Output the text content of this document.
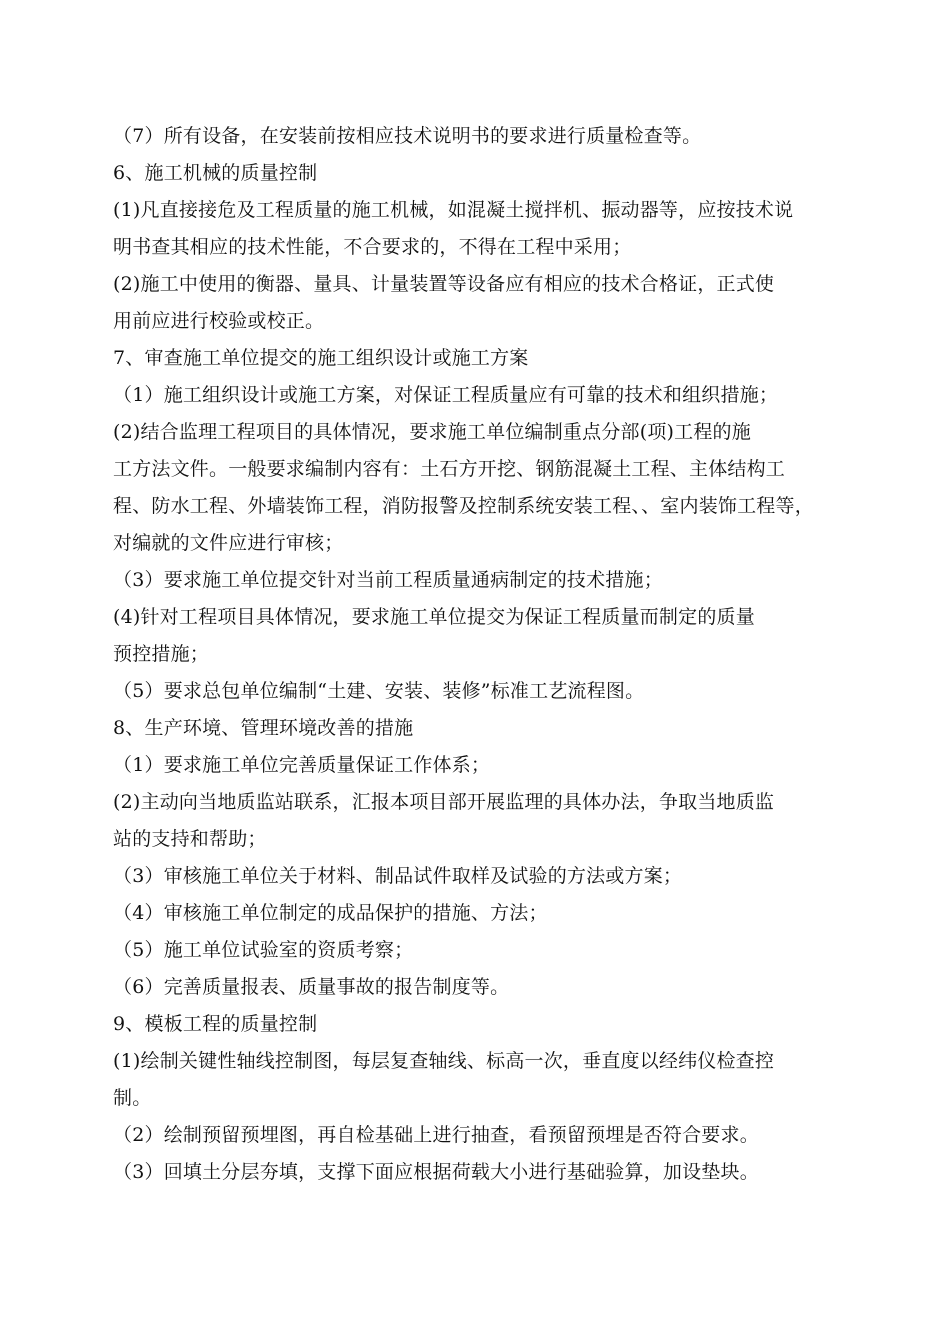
（7）所有设备，在安装前按相应技术说明书的要求进行质量检查等。
6、施工机械的质量控制
(1)凡直接接危及工程质量的施工机械，如混凝土搅拌机、振动器等，应按技术说
明书查其相应的技术性能，不合要求的，不得在工程中采用；
(2)施工中使用的衡器、量具、计量装置等设备应有相应的技术合格证，正式使
用前应进行校验或校正。
7、审查施工单位提交的施工组织设计或施工方案
（1）施工组织设计或施工方案，对保证工程质量应有可靠的技术和组织措施；
(2)结合监理工程项目的具体情况，要求施工单位编制重点分部(项)工程的施
工方法文件。一般要求编制内容有：土石方开挖、钢筋混凝土工程、主体结构工
程、防水工程、外墙装饰工程，消防报警及控制系统安装工程、、室内装饰工程等，
对编就的文件应进行审核；
（3）要求施工单位提交针对当前工程质量通病制定的技术措施；
(4)针对工程项目具体情况，要求施工单位提交为保证工程质量而制定的质量
预控措施；
（5）要求总包单位编制“土建、安装、装修”标准工艺流程图。
8、生产环境、管理环境改善的措施
（1）要求施工单位完善质量保证工作体系；
(2)主动向当地质监站联系，汇报本项目部开展监理的具体办法，争取当地质监
站的支持和帮助；
（3）审核施工单位关于材料、制品试件取样及试验的方法或方案；
（4）审核施工单位制定的成品保护的措施、方法；
（5）施工单位试验室的资质考察；
（6）完善质量报表、质量事故的报告制度等。
9、模板工程的质量控制
(1)绘制关键性轴线控制图，每层复查轴线、标高一次，垂直度以经纬仪检查控
制。
（2）绘制预留预埋图，再自检基础上进行抽查，看预留预埋是否符合要求。
（3）回填土分层夯填，支撑下面应根据荷载大小进行基础验算，加设垫块。
